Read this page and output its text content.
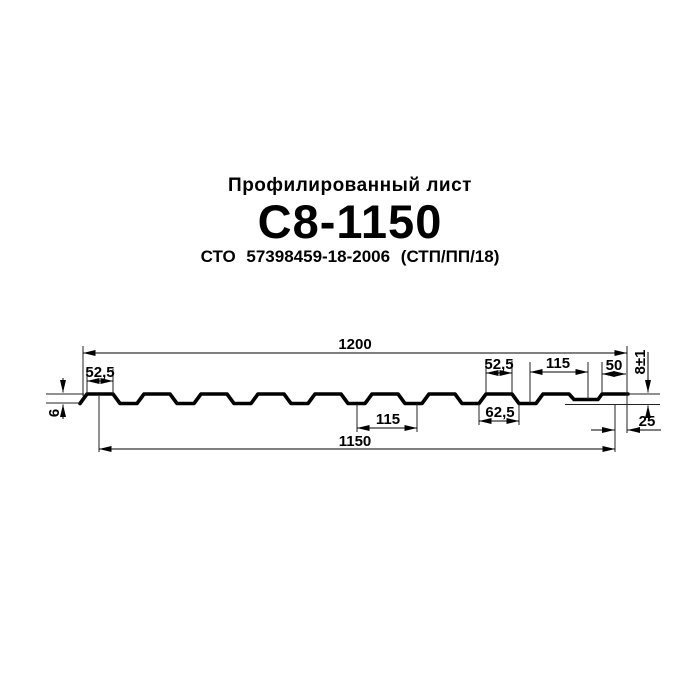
Профилированный лист
С8-1150
СТО 57398459-18-2006 (СТП/ПП/18)
1200
52,5
6
1150
115	62,5
52,5 115 50 8±1
25
